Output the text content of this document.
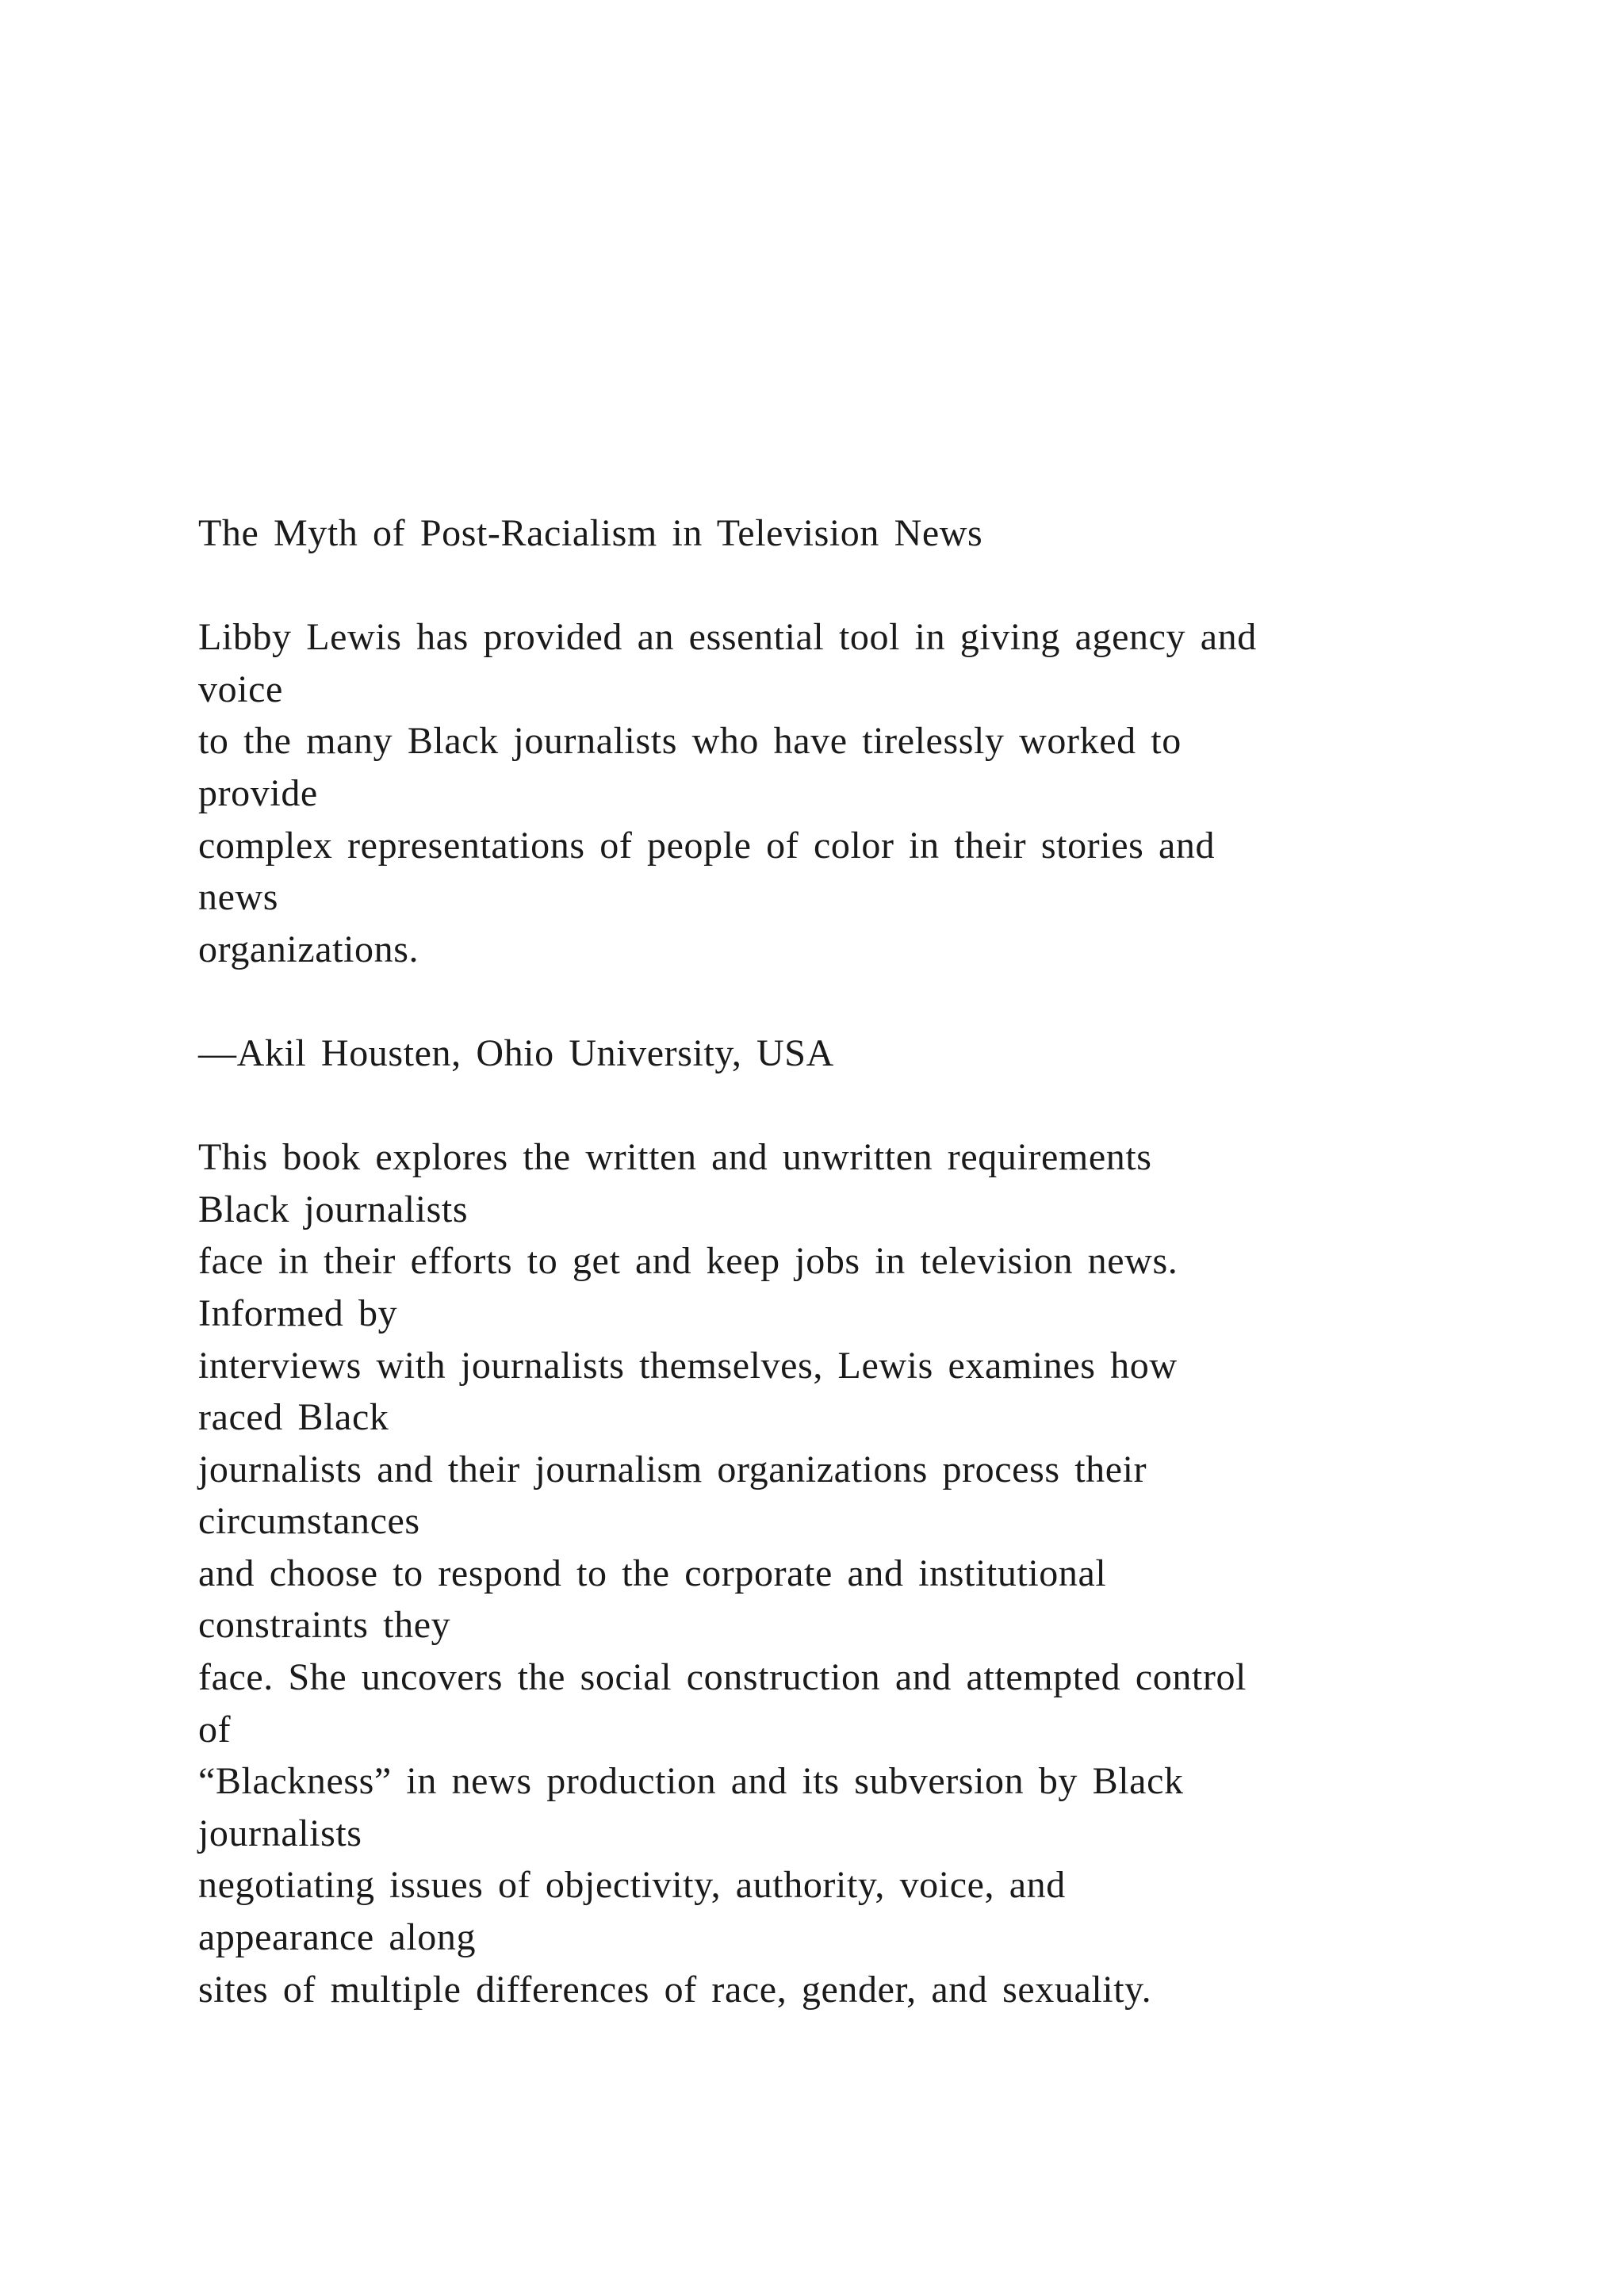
The Myth of Post-Racialism in Television News
Libby Lewis has provided an essential tool in giving agency and
voice
to the many Black journalists who have tirelessly worked to
provide
complex representations of people of color in their stories and
news
organizations.
—Akil Housten, Ohio University, USA
This book explores the written and unwritten requirements
Black journalists
face in their efforts to get and keep jobs in television news.
Informed by
interviews with journalists themselves, Lewis examines how
raced Black
journalists and their journalism organizations process their
circumstances
and choose to respond to the corporate and institutional
constraints they
face. She uncovers the social construction and attempted control
of
“Blackness” in news production and its subversion by Black
journalists
negotiating issues of objectivity, authority, voice, and
appearance along
sites of multiple differences of race, gender, and sexuality.
